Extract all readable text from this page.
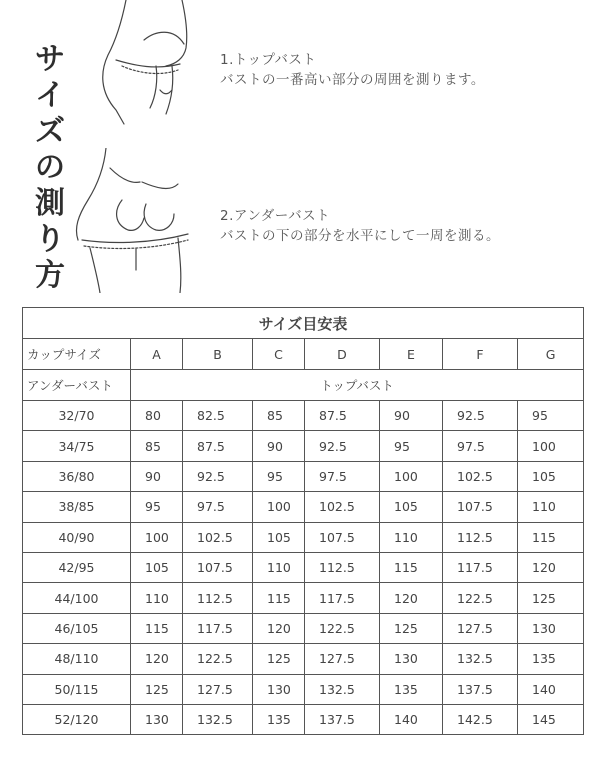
サ
イ
ズ
の
測
り
方
1.トップバスト
バストの一番高い部分の周囲を測ります。
2.アンダーバスト
バストの下の部分を水平にして一周を測る。
サイズ目安表							
カップサイズ	A	B	C	D	E	F	G
アンダーバスト	トップバスト						
32/70	80	82.5	85	87.5	90	92.5	95
34/75	85	87.5	90	92.5	95	97.5	100
36/80	90	92.5	95	97.5	100	102.5	105
38/85	95	97.5	100	102.5	105	107.5	110
40/90	100	102.5	105	107.5	110	112.5	115
42/95	105	107.5	110	112.5	115	117.5	120
44/100	110	112.5	115	117.5	120	122.5	125
46/105	115	117.5	120	122.5	125	127.5	130
48/110	120	122.5	125	127.5	130	132.5	135
50/115	125	127.5	130	132.5	135	137.5	140
52/120	130	132.5	135	137.5	140	142.5	145
